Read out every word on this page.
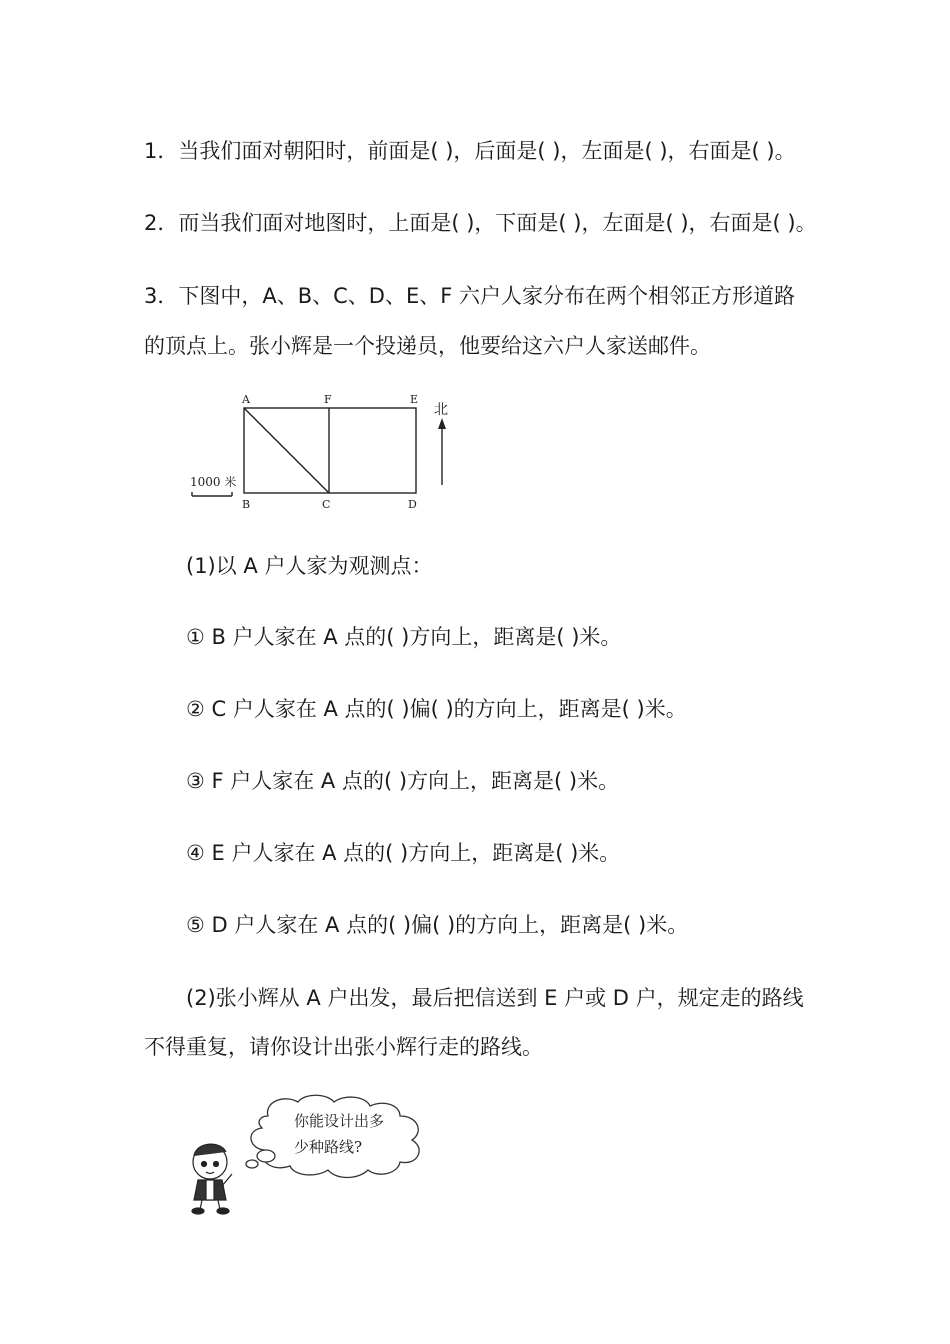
1．当我们面对朝阳时，前面是( )，后面是( )，左面是( )，右面是( )。
2．而当我们面对地图时，上面是( )，下面是( )，左面是( )，右面是( )。
3．下图中，A、B、C、D、E、F 六户人家分布在两个相邻正方形道路
的顶点上。张小辉是一个投递员，他要给这六户人家送邮件。
A	F	E
B	C	D
北
1000 米
(1)以 A 户人家为观测点：
① B 户人家在 A 点的( )方向上，距离是( )米。
② C 户人家在 A 点的( )偏( )的方向上，距离是( )米。
③ F 户人家在 A 点的( )方向上，距离是( )米。
④ E 户人家在 A 点的( )方向上，距离是( )米。
⑤ D 户人家在 A 点的( )偏( )的方向上，距离是( )米。
(2)张小辉从 A 户出发，最后把信送到 E 户或 D 户，规定走的路线
不得重复，请你设计出张小辉行走的路线。
你能设计出多
少种路线?
